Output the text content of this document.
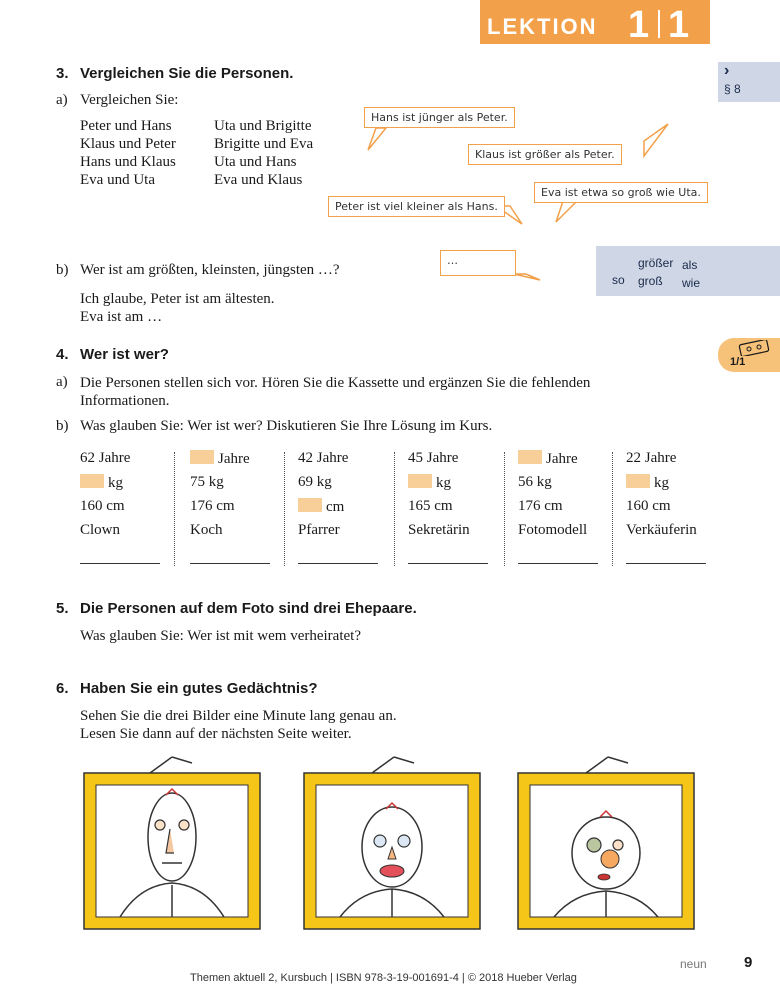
LEKTION 1 1
›
§ 8
größer als
so groß wie
1/1
3. Vergleichen Sie die Personen.
a) Vergleichen Sie:
Peter und Hans
Klaus und Peter
Hans und Klaus
Eva und Uta
Uta und Brigitte
Brigitte und Eva
Uta und Hans
Eva und Klaus
Hans ist jünger als Peter.
Klaus ist größer als Peter.
Peter ist viel kleiner als Hans.
Eva ist etwa so groß wie Uta.
…
b) Wer ist am größten, kleinsten, jüngsten …?
Ich glaube, Peter ist am ältesten.
Eva ist am …
4. Wer ist wer?
a) Die Personen stellen sich vor. Hören Sie die Kassette und ergänzen Sie die fehlenden
Informationen.
b) Was glauben Sie: Wer ist wer? Diskutieren Sie Ihre Lösung im Kurs.
62 Jahre
kg
160 cm
Clown
Jahre
75 kg
176 cm
Koch
42 Jahre
69 kg
cm
Pfarrer
45 Jahre
kg
165 cm
Sekretärin
Jahre
56 kg
176 cm
Fotomodell
22 Jahre
kg
160 cm
Verkäuferin
5. Die Personen auf dem Foto sind drei Ehepaare.
Was glauben Sie: Wer ist mit wem verheiratet?
6. Haben Sie ein gutes Gedächtnis?
Sehen Sie die drei Bilder eine Minute lang genau an.
Lesen Sie dann auf der nächsten Seite weiter.
Themen aktuell 2, Kursbuch | ISBN 978-3-19-001691-4 | © 2018 Hueber Verlag
neun 9
